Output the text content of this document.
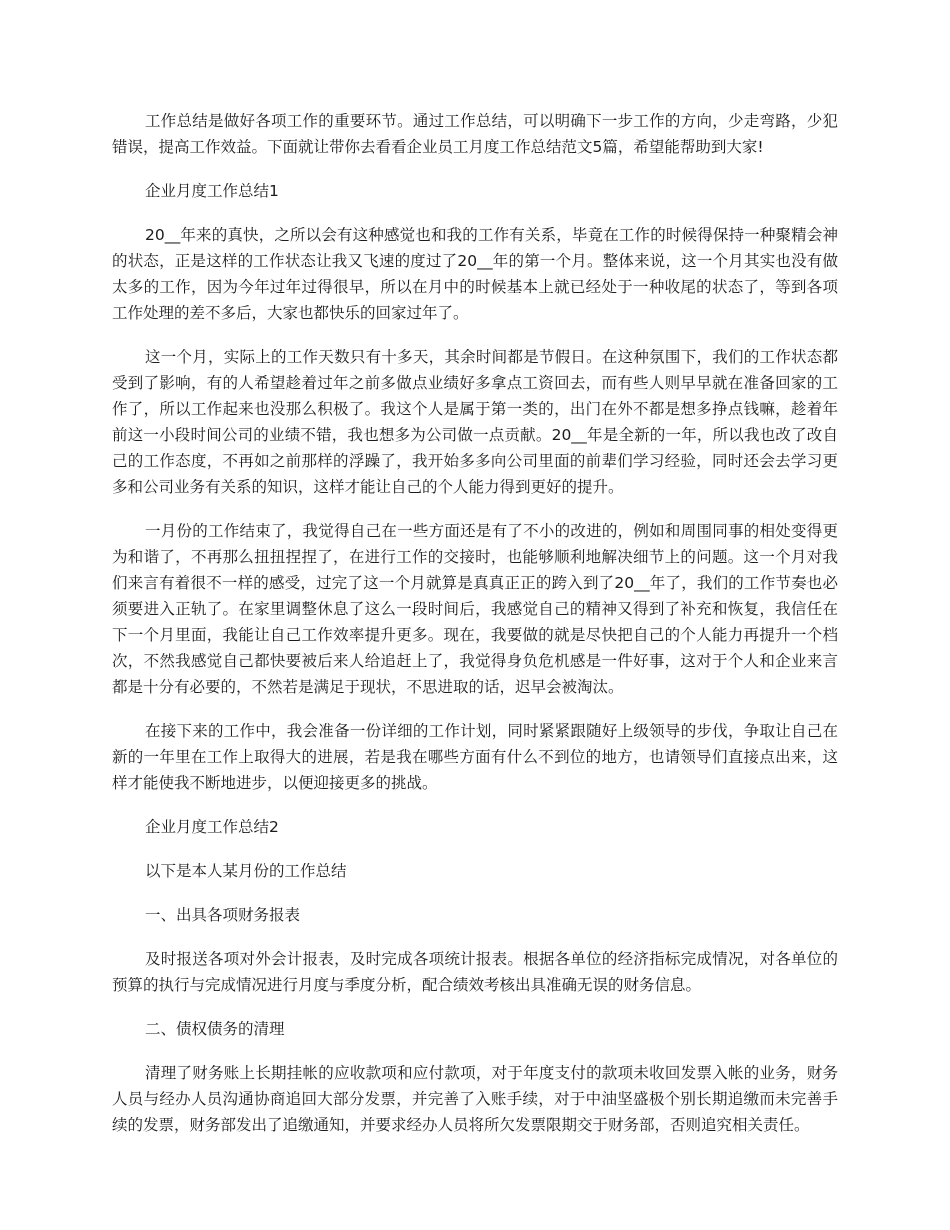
工作总结是做好各项工作的重要环节。通过工作总结，可以明确下一步工作的方向，少走弯路，少犯错误，提高工作效益。下面就让带你去看看企业员工月度工作总结范文5篇，希望能帮助到大家!

企业月度工作总结1

20__年来的真快，之所以会有这种感觉也和我的工作有关系，毕竟在工作的时候得保持一种聚精会神的状态，正是这样的工作状态让我又飞速的度过了20__年的第一个月。整体来说，这一个月其实也没有做太多的工作，因为今年过年过得很早，所以在月中的时候基本上就已经处于一种收尾的状态了，等到各项工作处理的差不多后，大家也都快乐的回家过年了。

这一个月，实际上的工作天数只有十多天，其余时间都是节假日。在这种氛围下，我们的工作状态都受到了影响，有的人希望趁着过年之前多做点业绩好多拿点工资回去，而有些人则早早就在准备回家的工作了，所以工作起来也没那么积极了。我这个人是属于第一类的，出门在外不都是想多挣点钱嘛，趁着年前这一小段时间公司的业绩不错，我也想多为公司做一点贡献。20__年是全新的一年，所以我也改了改自己的工作态度，不再如之前那样的浮躁了，我开始多多向公司里面的前辈们学习经验，同时还会去学习更多和公司业务有关系的知识，这样才能让自己的个人能力得到更好的提升。

一月份的工作结束了，我觉得自己在一些方面还是有了不小的改进的，例如和周围同事的相处变得更为和谐了，不再那么扭扭捏捏了，在进行工作的交接时，也能够顺利地解决细节上的问题。这一个月对我们来言有着很不一样的感受，过完了这一个月就算是真真正正的跨入到了20__年了，我们的工作节奏也必须要进入正轨了。在家里调整休息了这么一段时间后，我感觉自己的精神又得到了补充和恢复，我信任在下一个月里面，我能让自己工作效率提升更多。现在，我要做的就是尽快把自己的个人能力再提升一个档次，不然我感觉自己都快要被后来人给追赶上了，我觉得身负危机感是一件好事，这对于个人和企业来言都是十分有必要的，不然若是满足于现状，不思进取的话，迟早会被淘汰。

在接下来的工作中，我会准备一份详细的工作计划，同时紧紧跟随好上级领导的步伐，争取让自己在新的一年里在工作上取得大的进展，若是我在哪些方面有什么不到位的地方，也请领导们直接点出来，这样才能使我不断地进步，以便迎接更多的挑战。

企业月度工作总结2

以下是本人某月份的工作总结

一、出具各项财务报表

及时报送各项对外会计报表，及时完成各项统计报表。根据各单位的经济指标完成情况，对各单位的预算的执行与完成情况进行月度与季度分析，配合绩效考核出具准确无误的财务信息。

二、债权债务的清理

清理了财务账上长期挂帐的应收款项和应付款项，对于年度支付的款项未收回发票入帐的业务，财务人员与经办人员沟通协商追回大部分发票，并完善了入账手续，对于中油坚盛极个别长期追缴而未完善手续的发票，财务部发出了追缴通知，并要求经办人员将所欠发票限期交于财务部，否则追究相关责任。
